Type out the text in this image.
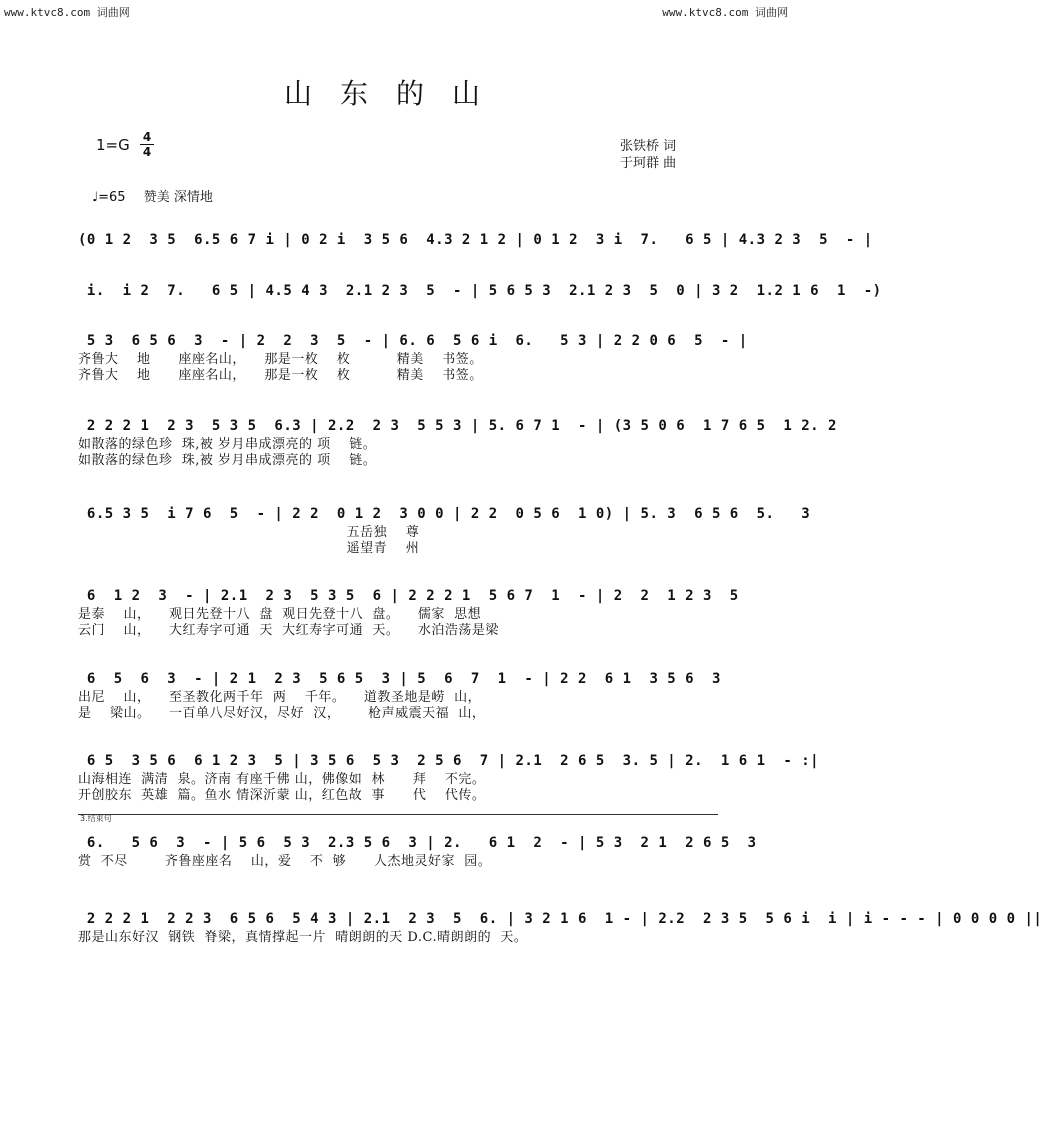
www.ktvc8.com 词曲网	www.ktvc8.com 词曲网
山东的山
1=G 4
4	张铁桥 词
于珂群 曲
♩=65 赞美 深情地
3.结束句
(0 1 2  3 5  6.5 6 7 i | 0 2 i  3 5 6  4.3 2 1 2 | 0 1 2  3 i  7.   6 5 | 4.3 2 3  5  - |
i.  i 2  7.   6 5 | 4.5 4 3  2.1 2 3  5  - | 5 6 5 3  2.1 2 3  5  0 | 3 2  1.2 1 6  1  -)
5 3  6 5 6  3  - | 2  2  3  5  - | 6. 6  5 6 i  6.   5 3 | 2 2 0 6  5  - |
齐鲁大    地      座座名山，    那是一枚    枚          精美    书签。
齐鲁大    地      座座名山，    那是一枚    枚          精美    书签。
2 2 2 1  2 3  5 3 5  6.3 | 2.2  2 3  5 5 3 | 5. 6 7 1  - | (3 5 0 6  1 7 6 5  1 2. 2
如散落的绿色珍  珠,被 岁月串成漂亮的 项    链。
如散落的绿色珍  珠,被 岁月串成漂亮的 项    链。
6.5 3 5  i 7 6  5  - | 2 2  0 1 2  3 0 0 | 2 2  0 5 6  1 0) | 5. 3  6 5 6  5.   3
五岳独    尊
遥望青    州
6  1 2  3  - | 2.1  2 3  5 3 5  6 | 2 2 2 1  5 6 7  1  - | 2  2  1 2 3  5
是泰    山，    观日先登十八  盘  观日先登十八  盘。    儒家  思想
云门    山，    大红寿字可通  天  大红寿字可通  天。    水泊浩荡是梁
6  5  6  3  - | 2 1  2 3  5 6 5  3 | 5  6  7  1  - | 2 2  6 1  3 5 6  3
出尼    山，    至圣教化两千年  两    千年。    道教圣地是崂  山，
是    梁山。    一百单八尽好汉，尽好  汉，      枪声威震天福  山，
6 5  3 5 6  6 1 2 3  5 | 3 5 6  5 3  2 5 6  7 | 2.1  2 6 5  3. 5 | 2.  1 6 1  - :|
山海相连  满清  泉。济南 有座千佛 山，佛像如  林      拜    不完。
开创胶东  英雄  篇。鱼水 情深沂蒙 山，红色故  事      代    代传。
6.   5 6  3  - | 5 6  5 3  2.3 5 6  3 | 2.   6 1  2  - | 5 3  2 1  2 6 5  3
赏  不尽        齐鲁座座名    山，爱    不  够      人杰地灵好家  园。
2 2 2 1  2 2 3  6 5 6  5 4 3 | 2.1  2 3  5  6. | 3 2 1 6  1 - | 2.2  2 3 5  5 6 i  i | i - - - | 0 0 0 0 ||
那是山东好汉  钢铁  脊梁，真情撑起一片  晴朗朗的天 D.C.晴朗朗的  天。
